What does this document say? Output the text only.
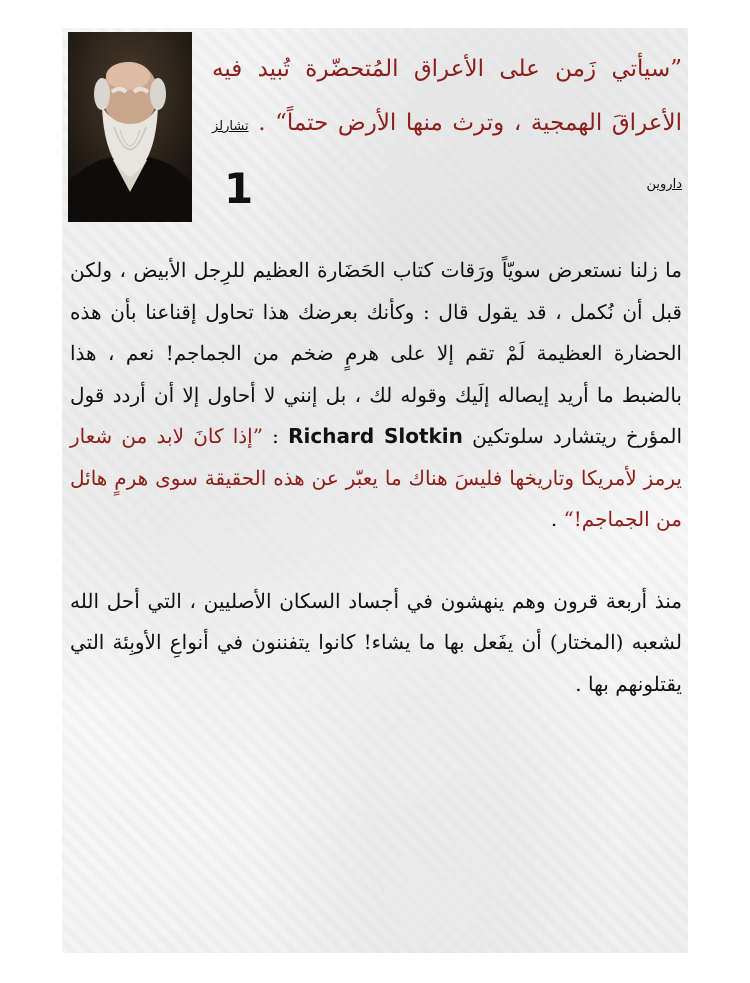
”سيأتي زَمن على الأعراق المُتحضّرة تُبيد فيه الأعراقَ الهمجية ، وترث منها الأرض حتماً“ . تشارلز داروين
1
ما زلنا نستعرض سويّاً ورَقات كتاب الحَضَارة العظيم للرِجل الأبيض ، ولكن قبل أن نُكمل ، قد يقول قال : وكأنك بعرضك هذا تحاول إقناعنا بأن هذه الحضارة العظيمة لَمْ تقم إلا على هرمٍ ضخم من الجماجم! نعم ، هذا بالضبط ما أريد إيصاله إلَيك وقوله لك ، بل إنني لا أحاول إلا أن أردد قول المؤرخ ريتشارد سلوتكين Richard Slotkin : ”إذا كانَ لابد من شعار يرمز لأمريكا وتاريخها فليسَ هناك ما يعبّر عن هذه الحقيقة سوى هرمٍ هائل من الجماجم!“ .
منذ أربعة قرون وهم ينهشون في أجساد السكان الأصليين ، التي أحل الله لشعبه (المختار) أن يفَعل بها ما يشاء! كانوا يتفننون في أنواعِ الأوبِئة التي يقتلونهم بها .
